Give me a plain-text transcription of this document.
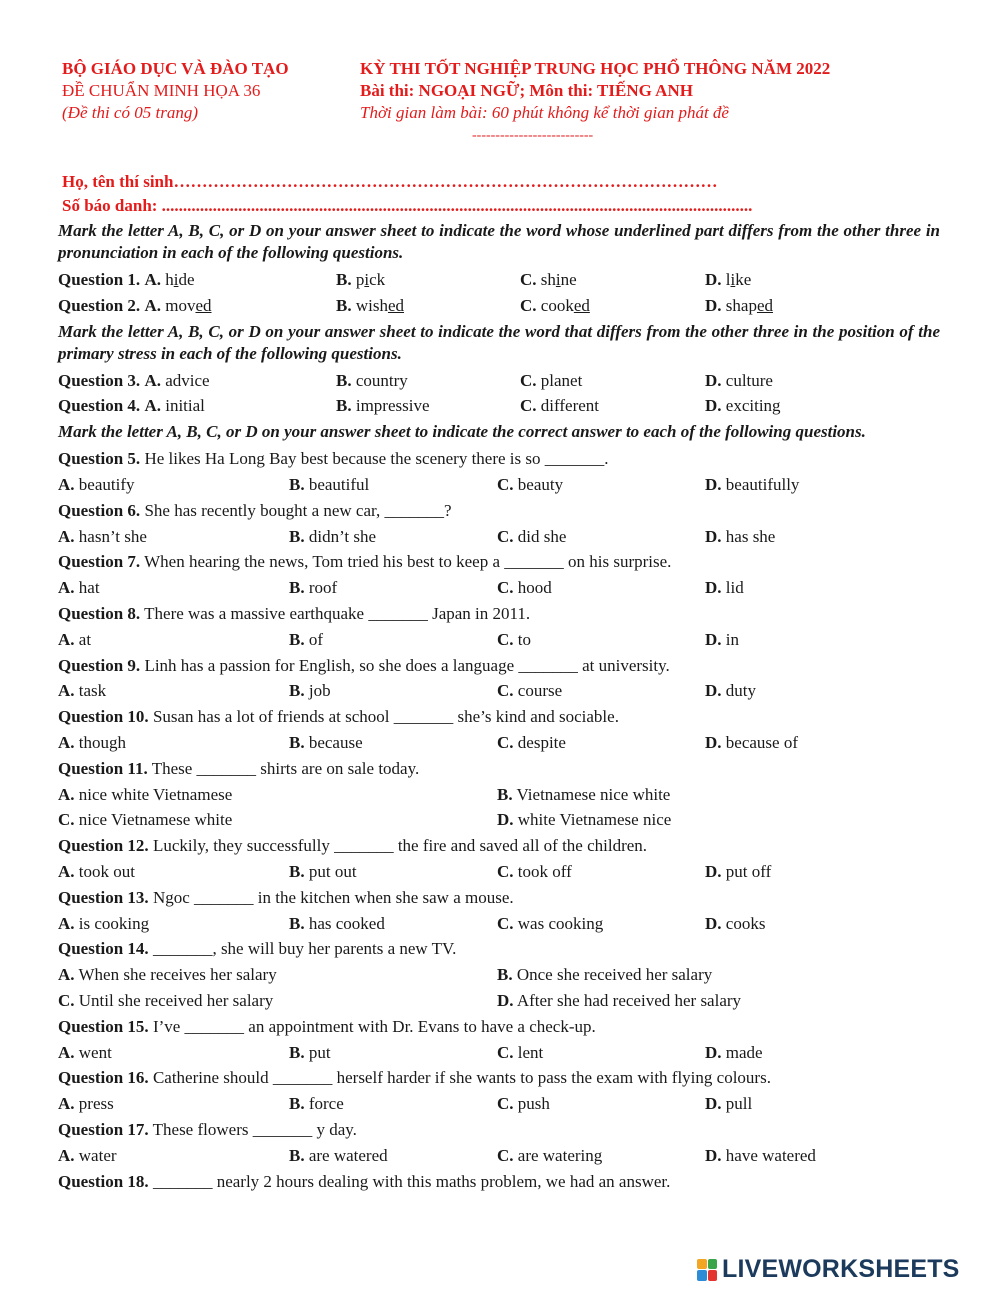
BỘ GIÁO DỤC VÀ ĐÀO TẠO	KỲ THI TỐT NGHIỆP TRUNG HỌC PHỔ THÔNG NĂM 2022
ĐỀ CHUẨN MINH HỌA 36	Bài thi: NGOẠI NGỮ; Môn thi: TIẾNG ANH
(Đề thi có 05 trang)	Thời gian làm bài: 60 phút không kể thời gian phát đề
--------------------------
Họ, tên thí sinh……………………………………………………………………………………
Số báo danh: ...........................................................................................................................................
Mark the letter A, B, C, or D on your answer sheet to indicate the word whose underlined part differs from the other three in pronunciation in each of the following questions.
Question 1. A. hide	B. pick	C. shine	D. like
Question 2. A. moved	B. wished	C. cooked	D. shaped
Mark the letter A, B, C, or D on your answer sheet to indicate the word that differs from the other three in the position of the primary stress in each of the following questions.
Question 3. A. advice	B. country	C. planet	D. culture
Question 4. A. initial	B. impressive	C. different	D. exciting
Mark the letter A, B, C, or D on your answer sheet to indicate the correct answer to each of the following questions.
Question 5. He likes Ha Long Bay best because the scenery there is so _______.
A. beautify	B. beautiful	C. beauty	D. beautifully
Question 6. She has recently bought a new car, _______?
A. hasn’t she	B. didn’t she	C. did she	D. has she
Question 7. When hearing the news, Tom tried his best to keep a _______ on his surprise.
A. hat	B. roof	C. hood	D. lid
Question 8. There was a massive earthquake _______ Japan in 2011.
A. at	B. of	C. to	D. in
Question 9. Linh has a passion for English, so she does a language _______ at university.
A. task	B. job	C. course	D. duty
Question 10. Susan has a lot of friends at school _______ she’s kind and sociable.
A. though	B. because	C. despite	D. because of
Question 11. These _______ shirts are on sale today.
A. nice white Vietnamese	B. Vietnamese nice white
C. nice Vietnamese white	D. white Vietnamese nice
Question 12. Luckily, they successfully _______ the fire and saved all of the children.
A. took out	B. put out	C. took off	D. put off
Question 13. Ngoc _______ in the kitchen when she saw a mouse.
A. is cooking	B. has cooked	C. was cooking	D. cooks
Question 14. _______, she will buy her parents a new TV.
A. When she receives her salary	B. Once she received her salary
C. Until she received her salary	D. After she had received her salary
Question 15. I’ve _______ an appointment with Dr. Evans to have a check-up.
A. went	B. put	C. lent	D. made
Question 16. Catherine should _______ herself harder if she wants to pass the exam with flying colours.
A. press	B. force	C. push	D. pull
Question 17. These flowers _______ y day.
A. water	B. are watered	C. are watering	D. have watered
Question 18. _______ nearly 2 hours dealing with this maths problem, we had an answer.
LIVEWORKSHEETS
